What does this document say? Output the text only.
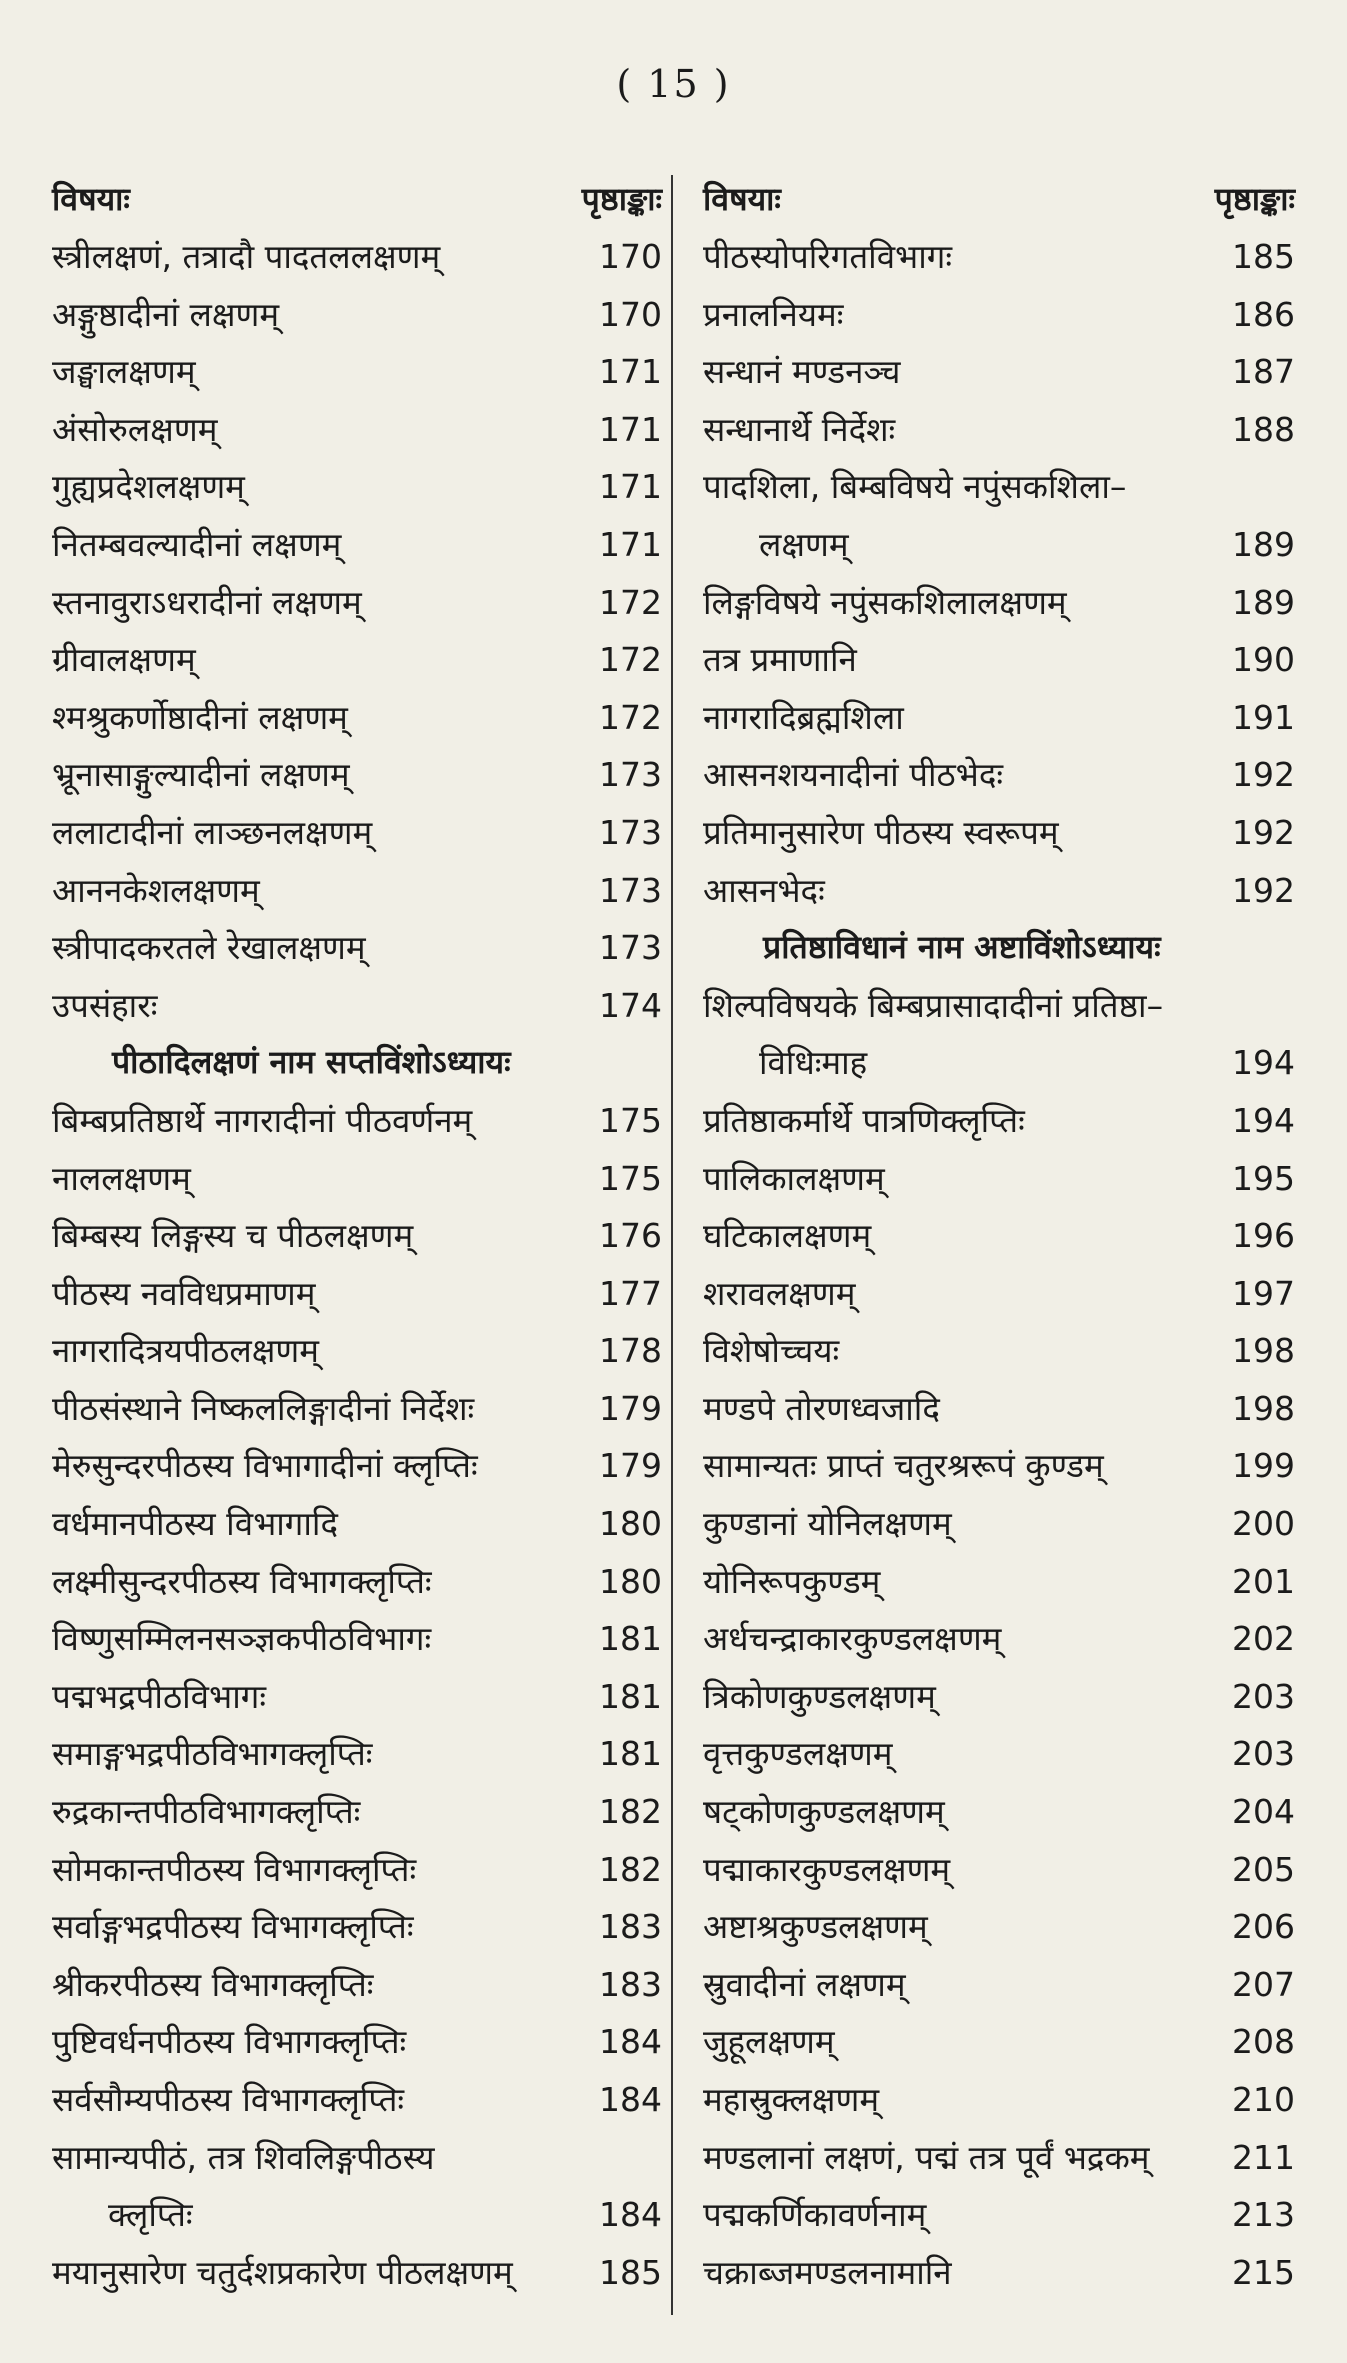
( 15 )
विषयाः	पृष्ठाङ्काः
स्त्रीलक्षणं, तत्रादौ पादतललक्षणम्	170
अङ्गुष्ठादीनां लक्षणम्	170
जङ्घालक्षणम्	171
अंसोरुलक्षणम्	171
गुह्यप्रदेशलक्षणम्	171
नितम्बवल्यादीनां लक्षणम्	171
स्तनावुराऽधरादीनां लक्षणम्	172
ग्रीवालक्षणम्	172
श्मश्रुकर्णोष्ठादीनां लक्षणम्	172
भ्रूनासाङ्गुल्यादीनां लक्षणम्	173
ललाटादीनां लाञ्छनलक्षणम्	173
आननकेशलक्षणम्	173
स्त्रीपादकरतले रेखालक्षणम्	173
उपसंहारः	174
पीठादिलक्षणं नाम सप्तविंशोऽध्यायः
बिम्बप्रतिष्ठार्थे नागरादीनां पीठवर्णनम्	175
नाललक्षणम्	175
बिम्बस्य लिङ्गस्य च पीठलक्षणम्	176
पीठस्य नवविधप्रमाणम्	177
नागरादित्रयपीठलक्षणम्	178
पीठसंस्थाने निष्कललिङ्गादीनां निर्देशः	179
मेरुसुन्दरपीठस्य विभागादीनां क्लृप्तिः	179
वर्धमानपीठस्य विभागादि	180
लक्ष्मीसुन्दरपीठस्य विभागक्लृप्तिः	180
विष्णुसम्मिलनसञ्ज्ञकपीठविभागः	181
पद्मभद्रपीठविभागः	181
समाङ्गभद्रपीठविभागक्लृप्तिः	181
रुद्रकान्तपीठविभागक्लृप्तिः	182
सोमकान्तपीठस्य विभागक्लृप्तिः	182
सर्वाङ्गभद्रपीठस्य विभागक्लृप्तिः	183
श्रीकरपीठस्य विभागक्लृप्तिः	183
पुष्टिवर्धनपीठस्य विभागक्लृप्तिः	184
सर्वसौम्यपीठस्य विभागक्लृप्तिः	184
सामान्यपीठं, तत्र शिवलिङ्गपीठस्य
क्लृप्तिः	184
मयानुसारेण चतुर्दशप्रकारेण पीठलक्षणम्	185
विषयाः	पृष्ठाङ्काः
पीठस्योपरिगतविभागः	185
प्रनालनियमः	186
सन्धानं मण्डनञ्च	187
सन्धानार्थे निर्देशः	188
पादशिला, बिम्बविषये नपुंसकशिला–
लक्षणम्	189
लिङ्गविषये नपुंसकशिलालक्षणम्	189
तत्र प्रमाणानि	190
नागरादिब्रह्मशिला	191
आसनशयनादीनां पीठभेदः	192
प्रतिमानुसारेण पीठस्य स्वरूपम्	192
आसनभेदः	192
प्रतिष्ठाविधानं नाम अष्टाविंशोऽध्यायः
शिल्पविषयके बिम्बप्रासादादीनां प्रतिष्ठा–
विधिःमाह	194
प्रतिष्ठाकर्मार्थे पात्रणिक्लृप्तिः	194
पालिकालक्षणम्	195
घटिकालक्षणम्	196
शरावलक्षणम्	197
विशेषोच्चयः	198
मण्डपे तोरणध्वजादि	198
सामान्यतः प्राप्तं चतुरश्ररूपं कुण्डम्	199
कुण्डानां योनिलक्षणम्	200
योनिरूपकुण्डम्	201
अर्धचन्द्राकारकुण्डलक्षणम्	202
त्रिकोणकुण्डलक्षणम्	203
वृत्तकुण्डलक्षणम्	203
षट्कोणकुण्डलक्षणम्	204
पद्माकारकुण्डलक्षणम्	205
अष्टाश्रकुण्डलक्षणम्	206
स्रुवादीनां लक्षणम्	207
जुहूलक्षणम्	208
महास्रुक्लक्षणम्	210
मण्डलानां लक्षणं, पद्मं तत्र पूर्वं भद्रकम्	211
पद्मकर्णिकावर्णनाम्	213
चक्राब्जमण्डलनामानि	215
